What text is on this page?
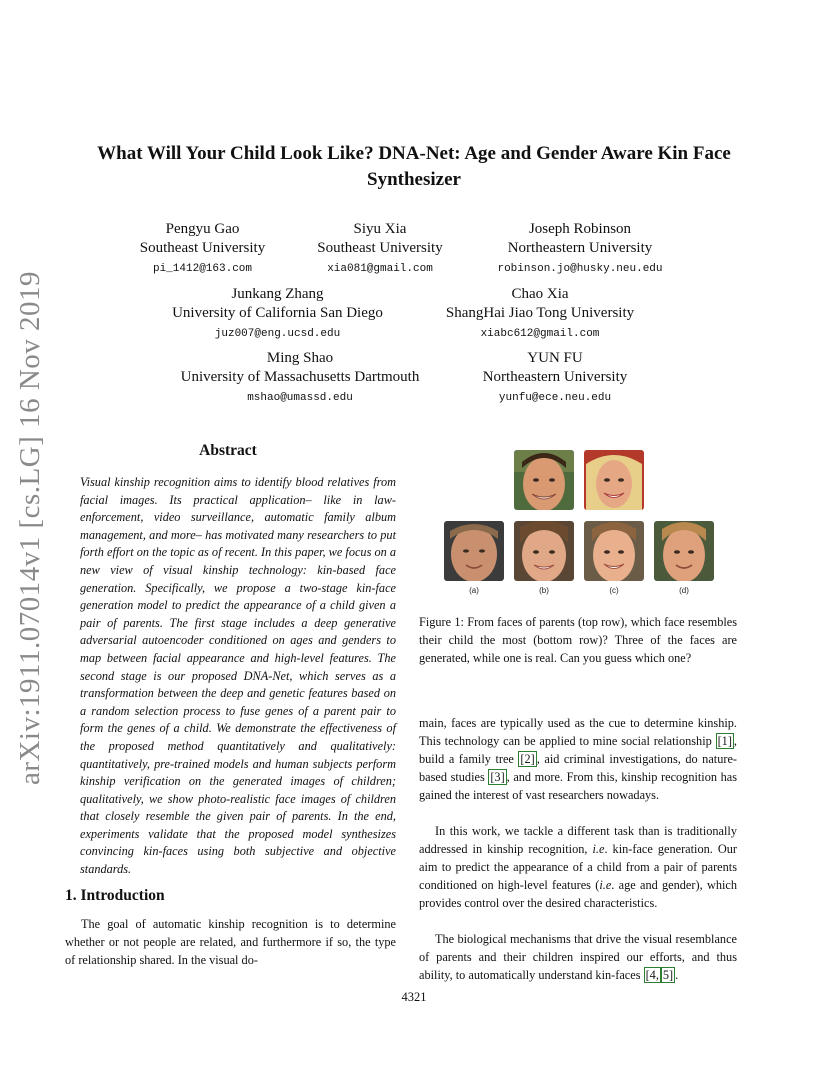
arXiv:1911.07014v1 [cs.LG] 16 Nov 2019
What Will Your Child Look Like? DNA-Net: Age and Gender Aware Kin Face
Synthesizer
Pengyu Gao
Southeast University
pi_1412@163.com
Siyu Xia
Southeast University
xia081@gmail.com
Joseph Robinson
Northeastern University
robinson.jo@husky.neu.edu
Junkang Zhang
University of California San Diego
juz007@eng.ucsd.edu
Chao Xia
ShangHai Jiao Tong University
xiabc612@gmail.com
Ming Shao
University of Massachusetts Dartmouth
mshao@umassd.edu
YUN FU
Northeastern University
yunfu@ece.neu.edu
Abstract
Visual kinship recognition aims to identify blood relatives from facial images. Its practical application– like in law-enforcement, video surveillance, automatic family album management, and more– has motivated many researchers to put forth effort on the topic as of recent. In this paper, we focus on a new view of visual kinship technology: kin-based face generation. Specifically, we propose a two-stage kin-face generation model to predict the appearance of a child given a pair of parents. The first stage includes a deep generative adversarial autoencoder conditioned on ages and genders to map between facial appearance and high-level features. The second stage is our proposed DNA-Net, which serves as a transformation between the deep and genetic features based on a random selection process to fuse genes of a parent pair to form the genes of a child. We demonstrate the effectiveness of the proposed method quantitatively and qualitatively: quantitatively, pre-trained models and human subjects perform kinship verification on the generated images of children; qualitatively, we show photo-realistic face images of children that closely resemble the given pair of parents. In the end, experiments validate that the proposed model synthesizes convincing kin-faces using both subjective and objective standards.
(a)	(b)	(c)	(d)
Figure 1: From faces of parents (top row), which face resembles their child the most (bottom row)? Three of the faces are generated, while one is real. Can you guess which one?
1. Introduction
The goal of automatic kinship recognition is to determine whether or not people are related, and furthermore if so, the type of relationship shared. In the visual do-
main, faces are typically used as the cue to determine kinship. This technology can be applied to mine social relationship [1] , build a family tree [2] , aid criminal investigations, do nature-based studies [3] , and more. From this, kinship recognition has gained the interest of vast researchers nowadays.
In this work, we tackle a different task than is traditionally addressed in kinship recognition, i.e. kin-face generation. Our aim to predict the appearance of a child from a pair of parents conditioned on high-level features (i.e. age and gender), which provides control over the desired characteristics.
The biological mechanisms that drive the visual resemblance of parents and their children inspired our efforts, and thus ability, to automatically understand kin-faces [4, 5] .
4321
